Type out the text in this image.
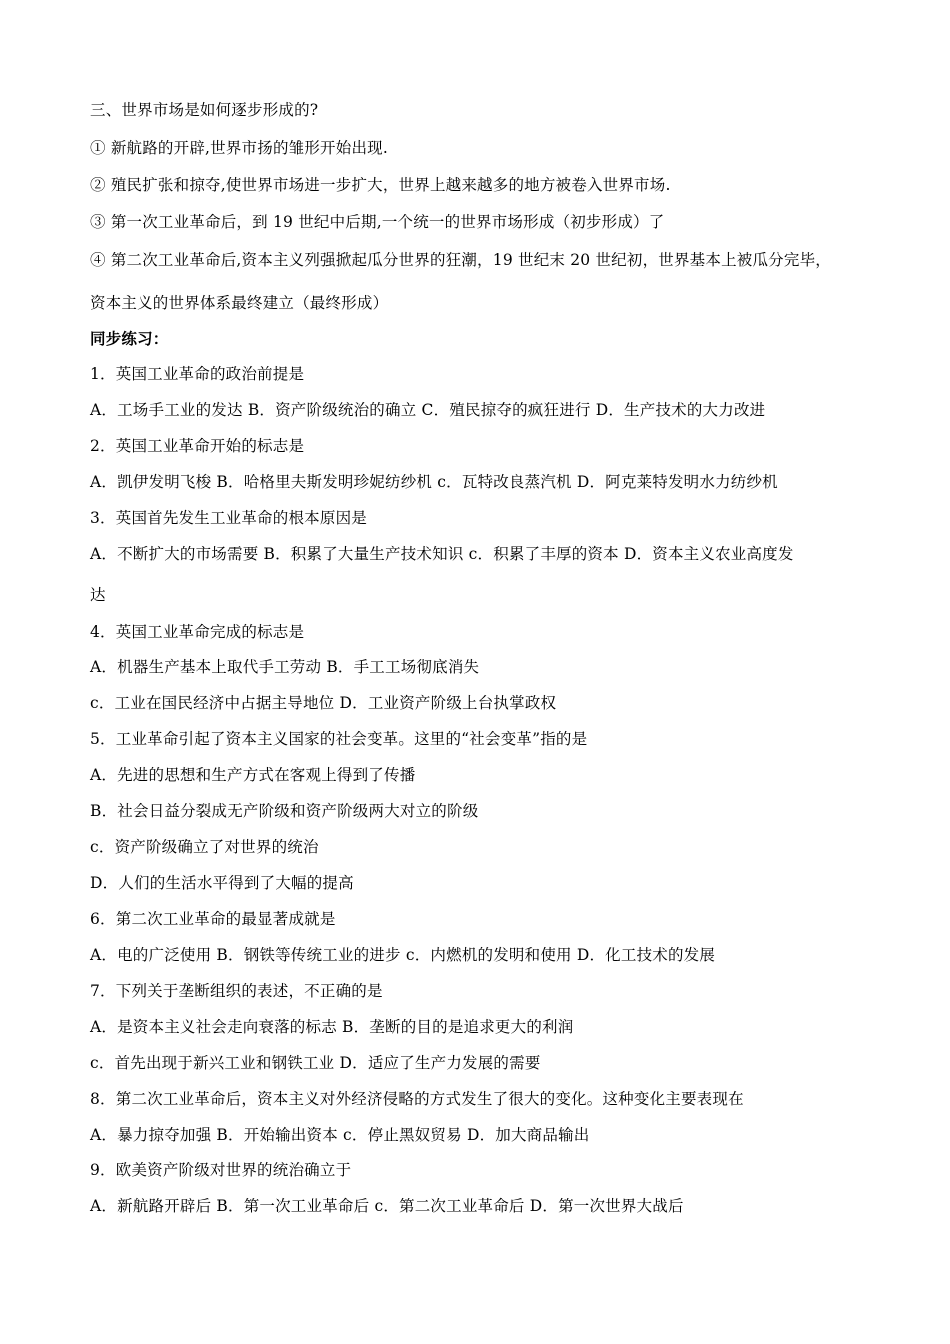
三、世界市场是如何逐步形成的?
① 新航路的开辟,世界市扬的雏形开始出现.
② 殖民扩张和掠夺,使世界市场进一步扩大，世界上越来越多的地方被卷入世界市场.
③ 第一次工业革命后，到 19 世纪中后期,一个统一的世界市场形成（初步形成）了
④ 第二次工业革命后,资本主义列强掀起瓜分世界的狂潮，19 世纪末 20 世纪初，世界基本上被瓜分完毕，
资本主义的世界体系最终建立（最终形成）
同步练习：
1．英国工业革命的政治前提是
A．工场手工业的发达 B．资产阶级统治的确立 C．殖民掠夺的疯狂进行 D．生产技术的大力改进
2．英国工业革命开始的标志是
A．凯伊发明飞梭 B．哈格里夫斯发明珍妮纺纱机 c．瓦特改良蒸汽机 D．阿克莱特发明水力纺纱机
3．英国首先发生工业革命的根本原因是
A．不断扩大的市场需要 B．积累了大量生产技术知识 c．积累了丰厚的资本 D．资本主义农业高度发
达
4．英国工业革命完成的标志是
A．机器生产基本上取代手工劳动 B．手工工场彻底消失
c．工业在国民经济中占据主导地位 D．工业资产阶级上台执掌政权
5．工业革命引起了资本主义国家的社会变革。这里的“社会变革”指的是
A．先进的思想和生产方式在客观上得到了传播
B．社会日益分裂成无产阶级和资产阶级两大对立的阶级
c．资产阶级确立了对世界的统治
D．人们的生活水平得到了大幅的提高
6．第二次工业革命的最显著成就是
A．电的广泛使用 B．钢铁等传统工业的进步 c．内燃机的发明和使用 D．化工技术的发展
7．下列关于垄断组织的表述，不正确的是
A．是资本主义社会走向衰落的标志 B．垄断的目的是追求更大的利润
c．首先出现于新兴工业和钢铁工业 D．适应了生产力发展的需要
8．第二次工业革命后，资本主义对外经济侵略的方式发生了很大的变化。这种变化主要表现在
A．暴力掠夺加强 B．开始输出资本 c．停止黑奴贸易 D．加大商品输出
9．欧美资产阶级对世界的统治确立于
A．新航路开辟后 B．第一次工业革命后 c．第二次工业革命后 D．第一次世界大战后
